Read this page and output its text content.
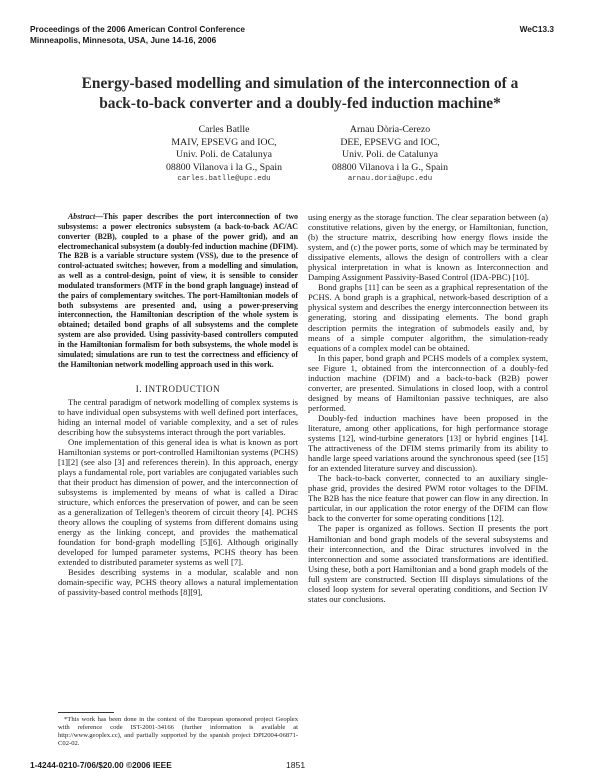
Proceedings of the 2006 American Control Conference
Minneapolis, Minnesota, USA, June 14-16, 2006
WeC13.3
Energy-based modelling and simulation of the interconnection of a
back-to-back converter and a doubly-fed induction machine*
Carles Batlle
MAIV, EPSEVG and IOC,
Univ. Poli. de Catalunya
08800 Vilanova i la G., Spain
carles.batlle@upc.edu
Arnau Dòria-Cerezo
DEE, EPSEVG and IOC,
Univ. Poli. de Catalunya
08800 Vilanova i la G., Spain
arnau.doria@upc.edu

Abstract—This paper describes the port interconnection of two subsystems: a power electronics subsystem (a back-to-back AC/AC converter (B2B), coupled to a phase of the power grid), and an electromechanical subsystem (a doubly-fed induction machine (DFIM). The B2B is a variable structure system (VSS), due to the presence of control-actuated switches; however, from a modelling and simulation, as well as a control-design, point of view, it is sensible to consider modulated transformers (MTF in the bond graph language) instead of the pairs of complementary switches. The port-Hamiltonian models of both subsystems are presented and, using a power-preserving interconnection, the Hamiltonian description of the whole system is obtained; detailed bond graphs of all subsystems and the complete system are also provided. Using passivity-based controllers computed in the Hamiltonian formalism for both subsystems, the whole model is simulated; simulations are run to test the correctness and efficiency of the Hamiltonian network modelling approach used in this work.

I. INTRODUCTION

The central paradigm of network modelling of complex systems is to have individual open subsystems with well defined port interfaces, hiding an internal model of variable complexity, and a set of rules describing how the subsystems interact through the port variables.

One implementation of this general idea is what is known as port Hamiltonian systems or port-controlled Hamiltonian systems (PCHS) [1][2] (see also [3] and references therein). In this approach, energy plays a fundamental role, port variables are conjugated variables such that their product has dimension of power, and the interconnection of subsystems is implemented by means of what is called a Dirac structure, which enforces the preservation of power, and can be seen as a generalization of Tellegen's theorem of circuit theory [4]. PCHS theory allows the coupling of systems from different domains using energy as the linking concept, and provides the mathematical foundation for bond-graph modelling [5][6]. Although originally developed for lumped parameter systems, PCHS theory has been extended to distributed parameter systems as well [7].

Besides describing systems in a modular, scalable and non domain-specific way, PCHS theory allows a natural implementation of passivity-based control methods [8][9],

using energy as the storage function. The clear separation between (a) constitutive relations, given by the energy, or Hamiltonian, function, (b) the structure matrix, describing how energy flows inside the system, and (c) the power ports, some of which may be terminated by dissipative elements, allows the design of controllers with a clear physical interpretation in what is known as Interconnection and Damping Assignment Passivity-Based Control (IDA-PBC) [10].

Bond graphs [11] can be seen as a graphical representation of the PCHS. A bond graph is a graphical, network-based description of a physical system and describes the energy interconnection between its generating, storing and dissipating elements. The bond graph description permits the integration of submodels easily and, by means of a simple computer algorithm, the simulation-ready equations of a complex model can be obtained.

In this paper, bond graph and PCHS models of a complex system, see Figure 1, obtained from the interconnection of a doubly-fed induction machine (DFIM) and a back-to-back (B2B) power converter, are presented. Simulations in closed loop, with a control designed by means of Hamiltonian passive techniques, are also performed.

Doubly-fed induction machines have been proposed in the literature, among other applications, for high performance storage systems [12], wind-turbine generators [13] or hybrid engines [14]. The attractiveness of the DFIM stems primarily from its ability to handle large speed variations around the synchronous speed (see [15] for an extended literature survey and discussion).

The back-to-back converter, connected to an auxiliary single-phase grid, provides the desired PWM rotor voltages to the DFIM. The B2B has the nice feature that power can flow in any direction. In particular, in our application the rotor energy of the DFIM can flow back to the converter for some operating conditions [12].

The paper is organized as follows. Section II presents the port Hamiltonian and bond graph models of the several subsystems and their interconnection, and the Dirac structures involved in the interconnection and some associated transformations are identified. Using these, both a port Hamiltonian and a bond graph models of the full system are constructed. Section III displays simulations of the closed loop system for several operating conditions, and Section IV states our conclusions.

*This work has been done in the context of the European sponsored project Geoplex with reference code IST-2001-34166 (further information is available at http://www.geoplex.cc), and partially supported by the spanish project DPI2004-06871-C02-02.

1-4244-0210-7/06/$20.00 ©2006 IEEE	1851
